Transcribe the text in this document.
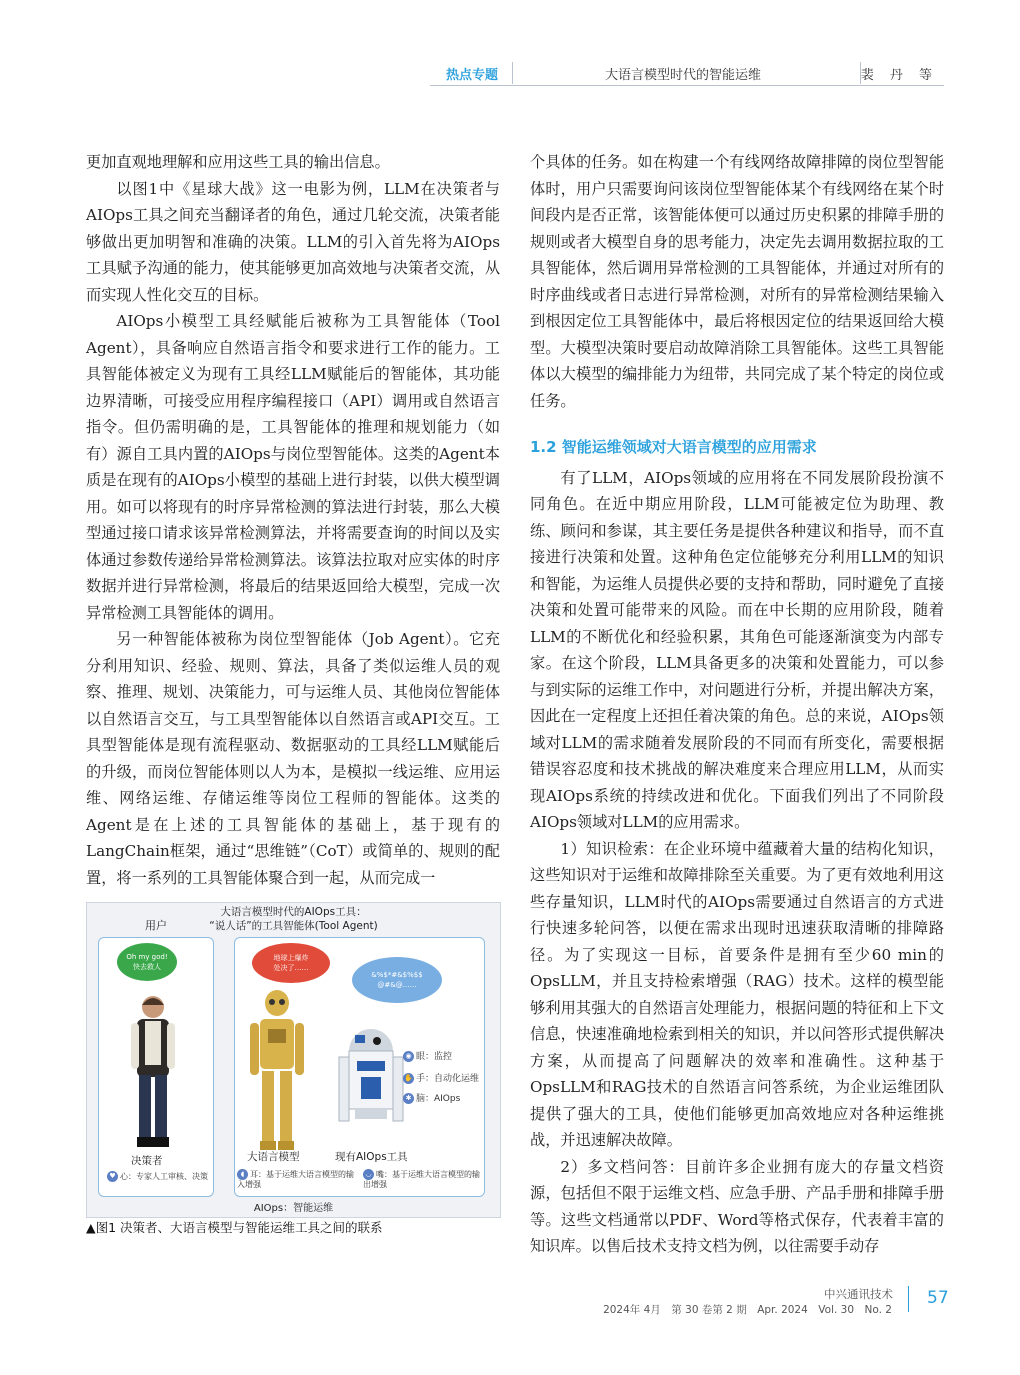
热点专题	大语言模型时代的智能运维	裴 丹 等

更加直观地理解和应用这些工具的输出信息。

以图1中《星球大战》这一电影为例，LLM在决策者与AIOps工具之间充当翻译者的角色，通过几轮交流，决策者能够做出更加明智和准确的决策。LLM的引入首先将为AIOps工具赋予沟通的能力，使其能够更加高效地与决策者交流，从而实现人性化交互的目标。

AIOps小模型工具经赋能后被称为工具智能体（Tool Agent），具备响应自然语言指令和要求进行工作的能力。工具智能体被定义为现有工具经LLM赋能后的智能体，其功能边界清晰，可接受应用程序编程接口（API）调用或自然语言指令。但仍需明确的是，工具智能体的推理和规划能力（如有）源自工具内置的AIOps与岗位型智能体。这类的Agent本质是在现有的AIOps小模型的基础上进行封装，以供大模型调用。如可以将现有的时序异常检测的算法进行封装，那么大模型通过接口请求该异常检测算法，并将需要查询的时间以及实体通过参数传递给异常检测算法。该算法拉取对应实体的时序数据并进行异常检测，将最后的结果返回给大模型，完成一次异常检测工具智能体的调用。

另一种智能体被称为岗位型智能体（Job Agent）。它充分利用知识、经验、规则、算法，具备了类似运维人员的观察、推理、规划、决策能力，可与运维人员、其他岗位智能体以自然语言交互，与工具型智能体以自然语言或API交互。工具型智能体是现有流程驱动、数据驱动的工具经LLM赋能后的升级，而岗位智能体则以人为本，是模拟一线运维、应用运维、网络运维、存储运维等岗位工程师的智能体。这类的Agent是在上述的工具智能体的基础上，基于现有的LangChain框架，通过“思维链”（CoT）或简单的、规则的配置，将一系列的工具智能体聚合到一起，从而完成一

大语言模型时代的AIOps工具：
“说人话”的工具智能体(Tool Agent)
用户
Oh my god!
快去救人
地球上爆炸
处决了……
&%$*#&$%$$
@#&@……
◉ 眼：监控
✋ 手：自动化运维
✱ 脑：AIOps
决策者	大语言模型	现有AIOps工具
♥ 心：专家人工审核、决策	◖ 耳：基于运维大语言模型的输入增强
◡ 嘴：基于运维大语言模型的输出增强
AIOps：智能运维
▲图1 决策者、大语言模型与智能运维工具之间的联系

个具体的任务。如在构建一个有线网络故障排障的岗位型智能体时，用户只需要询问该岗位型智能体某个有线网络在某个时间段内是否正常，该智能体便可以通过历史积累的排障手册的规则或者大模型自身的思考能力，决定先去调用数据拉取的工具智能体，然后调用异常检测的工具智能体，并通过对所有的时序曲线或者日志进行异常检测，对所有的异常检测结果输入到根因定位工具智能体中，最后将根因定位的结果返回给大模型。大模型决策时要启动故障消除工具智能体。这些工具智能体以大模型的编排能力为纽带，共同完成了某个特定的岗位或任务。

1.2 智能运维领域对大语言模型的应用需求

有了LLM，AIOps领域的应用将在不同发展阶段扮演不同角色。在近中期应用阶段，LLM可能被定位为助理、教练、顾问和参谋，其主要任务是提供各种建议和指导，而不直接进行决策和处置。这种角色定位能够充分利用LLM的知识和智能，为运维人员提供必要的支持和帮助，同时避免了直接决策和处置可能带来的风险。而在中长期的应用阶段，随着LLM的不断优化和经验积累，其角色可能逐渐演变为内部专家。在这个阶段，LLM具备更多的决策和处置能力，可以参与到实际的运维工作中，对问题进行分析，并提出解决方案，因此在一定程度上还担任着决策的角色。总的来说，AIOps领域对LLM的需求随着发展阶段的不同而有所变化，需要根据错误容忍度和技术挑战的解决难度来合理应用LLM，从而实现AIOps系统的持续改进和优化。下面我们列出了不同阶段AIOps领域对LLM的应用需求。

1）知识检索：在企业环境中蕴藏着大量的结构化知识，这些知识对于运维和故障排除至关重要。为了更有效地利用这些存量知识，LLM时代的AIOps需要通过自然语言的方式进行快速多轮问答，以便在需求出现时迅速获取清晰的排障路径。为了实现这一目标，首要条件是拥有至少60 min的OpsLLM，并且支持检索增强（RAG）技术。这样的模型能够利用其强大的自然语言处理能力，根据问题的特征和上下文信息，快速准确地检索到相关的知识，并以问答形式提供解决方案，从而提高了问题解决的效率和准确性。这种基于OpsLLM和RAG技术的自然语言问答系统，为企业运维团队提供了强大的工具，使他们能够更加高效地应对各种运维挑战，并迅速解决故障。

2）多文档问答：目前许多企业拥有庞大的存量文档资源，包括但不限于运维文档、应急手册、产品手册和排障手册等。这些文档通常以PDF、Word等格式保存，代表着丰富的知识库。以售后技术支持文档为例，以往需要手动存

中兴通讯技术
2024年 4月　第 30 卷第 2 期　Apr. 2024　Vol. 30　No. 2
57
